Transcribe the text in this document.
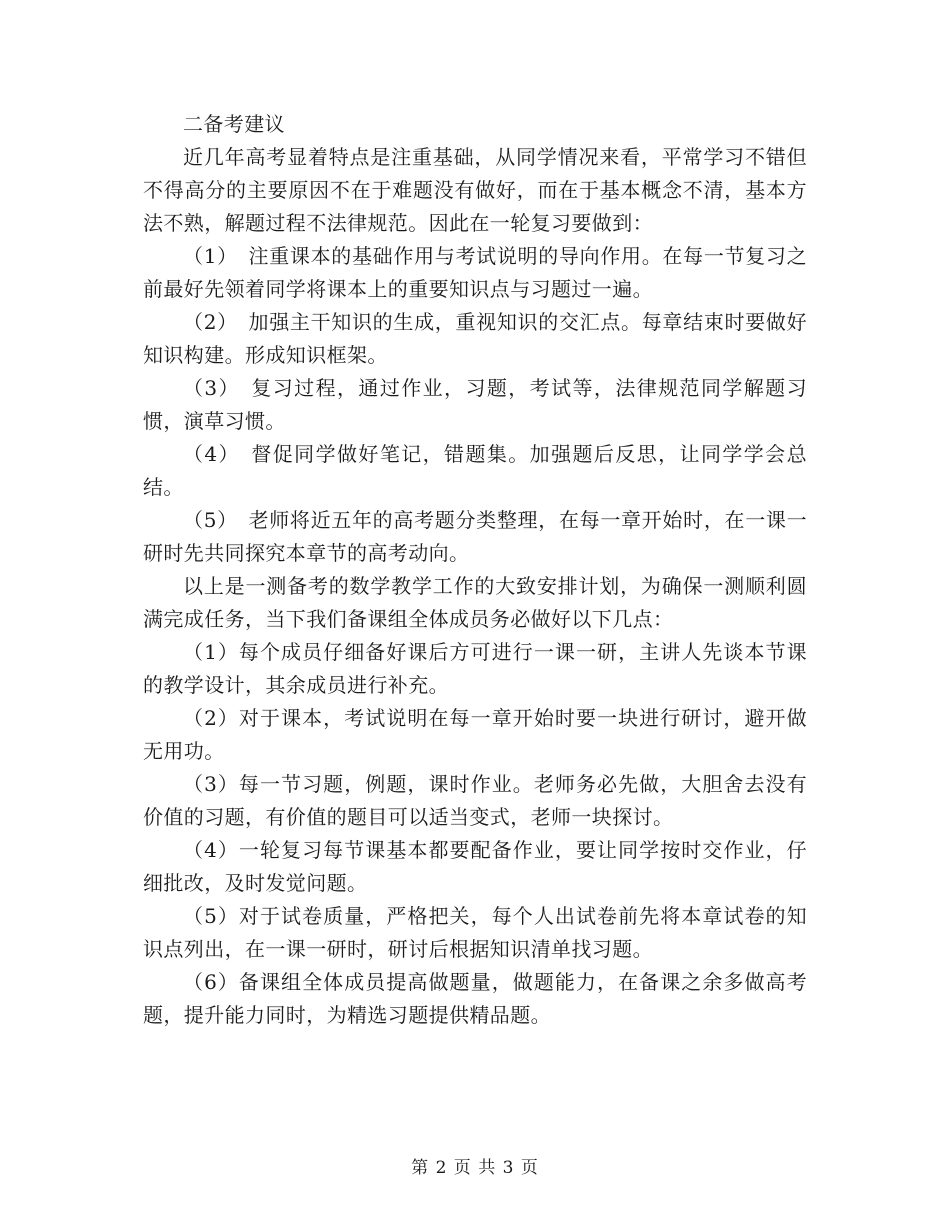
二备考建议

近几年高考显着特点是注重基础，从同学情况来看，平常学习不错但不得高分的主要原因不在于难题没有做好，而在于基本概念不清，基本方法不熟，解题过程不法律规范。因此在一轮复习要做到：

（1）　注重课本的基础作用与考试说明的导向作用。在每一节复习之前最好先领着同学将课本上的重要知识点与习题过一遍。

（2）　加强主干知识的生成，重视知识的交汇点。每章结束时要做好知识构建。形成知识框架。

（3）　复习过程，通过作业，习题，考试等，法律规范同学解题习惯，演草习惯。

（4）　督促同学做好笔记，错题集。加强题后反思，让同学学会总结。

（5）　老师将近五年的高考题分类整理，在每一章开始时，在一课一研时先共同探究本章节的高考动向。

以上是一测备考的数学教学工作的大致安排计划，为确保一测顺利圆满完成任务，当下我们备课组全体成员务必做好以下几点：

（1）每个成员仔细备好课后方可进行一课一研，主讲人先谈本节课的教学设计，其余成员进行补充。

（2）对于课本，考试说明在每一章开始时要一块进行研讨，避开做无用功。

（3）每一节习题，例题，课时作业。老师务必先做，大胆舍去没有价值的习题，有价值的题目可以适当变式，老师一块探讨。

（4）一轮复习每节课基本都要配备作业，要让同学按时交作业，仔细批改，及时发觉问题。

（5）对于试卷质量，严格把关，每个人出试卷前先将本章试卷的知识点列出，在一课一研时，研讨后根据知识清单找习题。

（6）备课组全体成员提高做题量，做题能力，在备课之余多做高考题，提升能力同时，为精选习题提供精品题。

第 2 页 共 3 页
